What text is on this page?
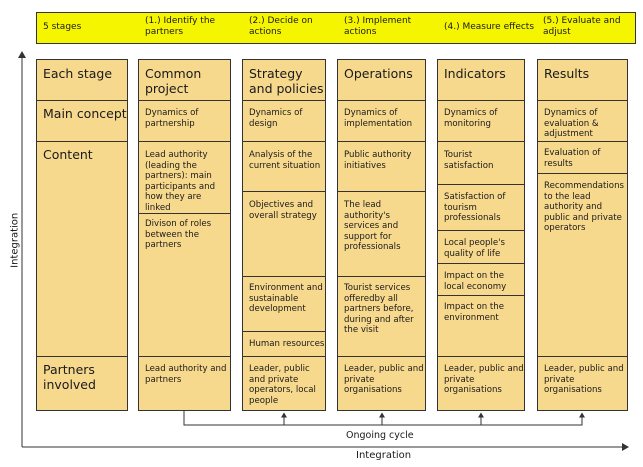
5 stages
(1.) Identify the partners
(2.) Decide on actions
(3.) Implement actions	(4.) Measure effects
(5.) Evaluate and adjust
Each stage
Main concept
Content
Partners involved
Common project
Dynamics of partnership
Lead authority (leading the partners): main participants and how they are linked
Divison of roles between the partners
Lead authority and partners
Strategy and policies
Dynamics of design
Analysis of the current situation
Objectives and overall strategy
Environment and sustainable development
Human resources
Leader, public and private operators, local people
Operations
Dynamics of implementation
Public authority initiatives
The lead authority's services and support for professionals
Tourist services offeredby all partners before, during and after the visit
Leader, public and private organisations
Indicators
Dynamics of monitoring
Tourist satisfaction
Satisfaction of tourism professionals
Local people's quality of life
Impact on the local economy
Impact on the environment
Leader, public and private organisations
Results
Dynamics of evaluation & adjustment
Evaluation of results
Recommendations to the lead authority and public and private operators
Leader, public and private organisations
Ongoing cycle
Integration
Integration
